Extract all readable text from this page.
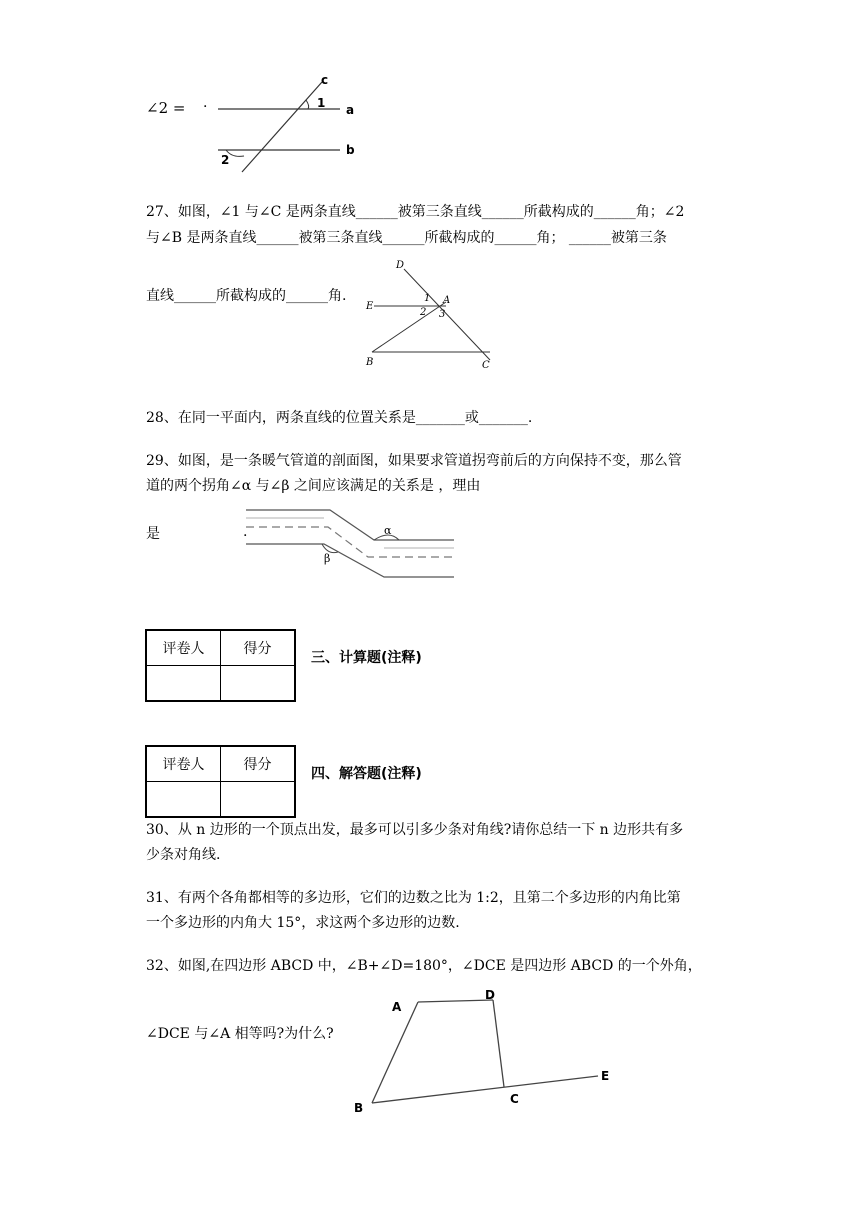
∠2 = ·
c
a
b
1
2
27、如图，∠1 与∠C 是两条直线______被第三条直线______所截构成的______角；∠2
与∠B 是两条直线______被第三条直线______所截构成的______角； ______被第三条
直线______所截构成的______角.
D
E
A
1
2 3
B	C
28、在同一平面内，两条直线的位置关系是_______或_______.
29、如图，是一条暖气管道的剖面图，如果要求管道拐弯前后的方向保持不变，那么管
道的两个拐角∠α 与∠β 之间应该满足的关系是 ，理由
是	.	α
β
评卷人	得分

三、计算题(注释)
评卷人	得分

四、解答题(注释)
30、从 n 边形的一个顶点出发，最多可以引多少条对角线?请你总结一下 n 边形共有多
少条对角线.
31、有两个各角都相等的多边形，它们的边数之比为 1:2，且第二个多边形的内角比第
一个多边形的内角大 15°，求这两个多边形的边数.
32、如图,在四边形 ABCD 中，∠B+∠D=180°，∠DCE 是四边形 ABCD 的一个外角，
∠DCE 与∠A 相等吗?为什么?
A
D
B
C
E
